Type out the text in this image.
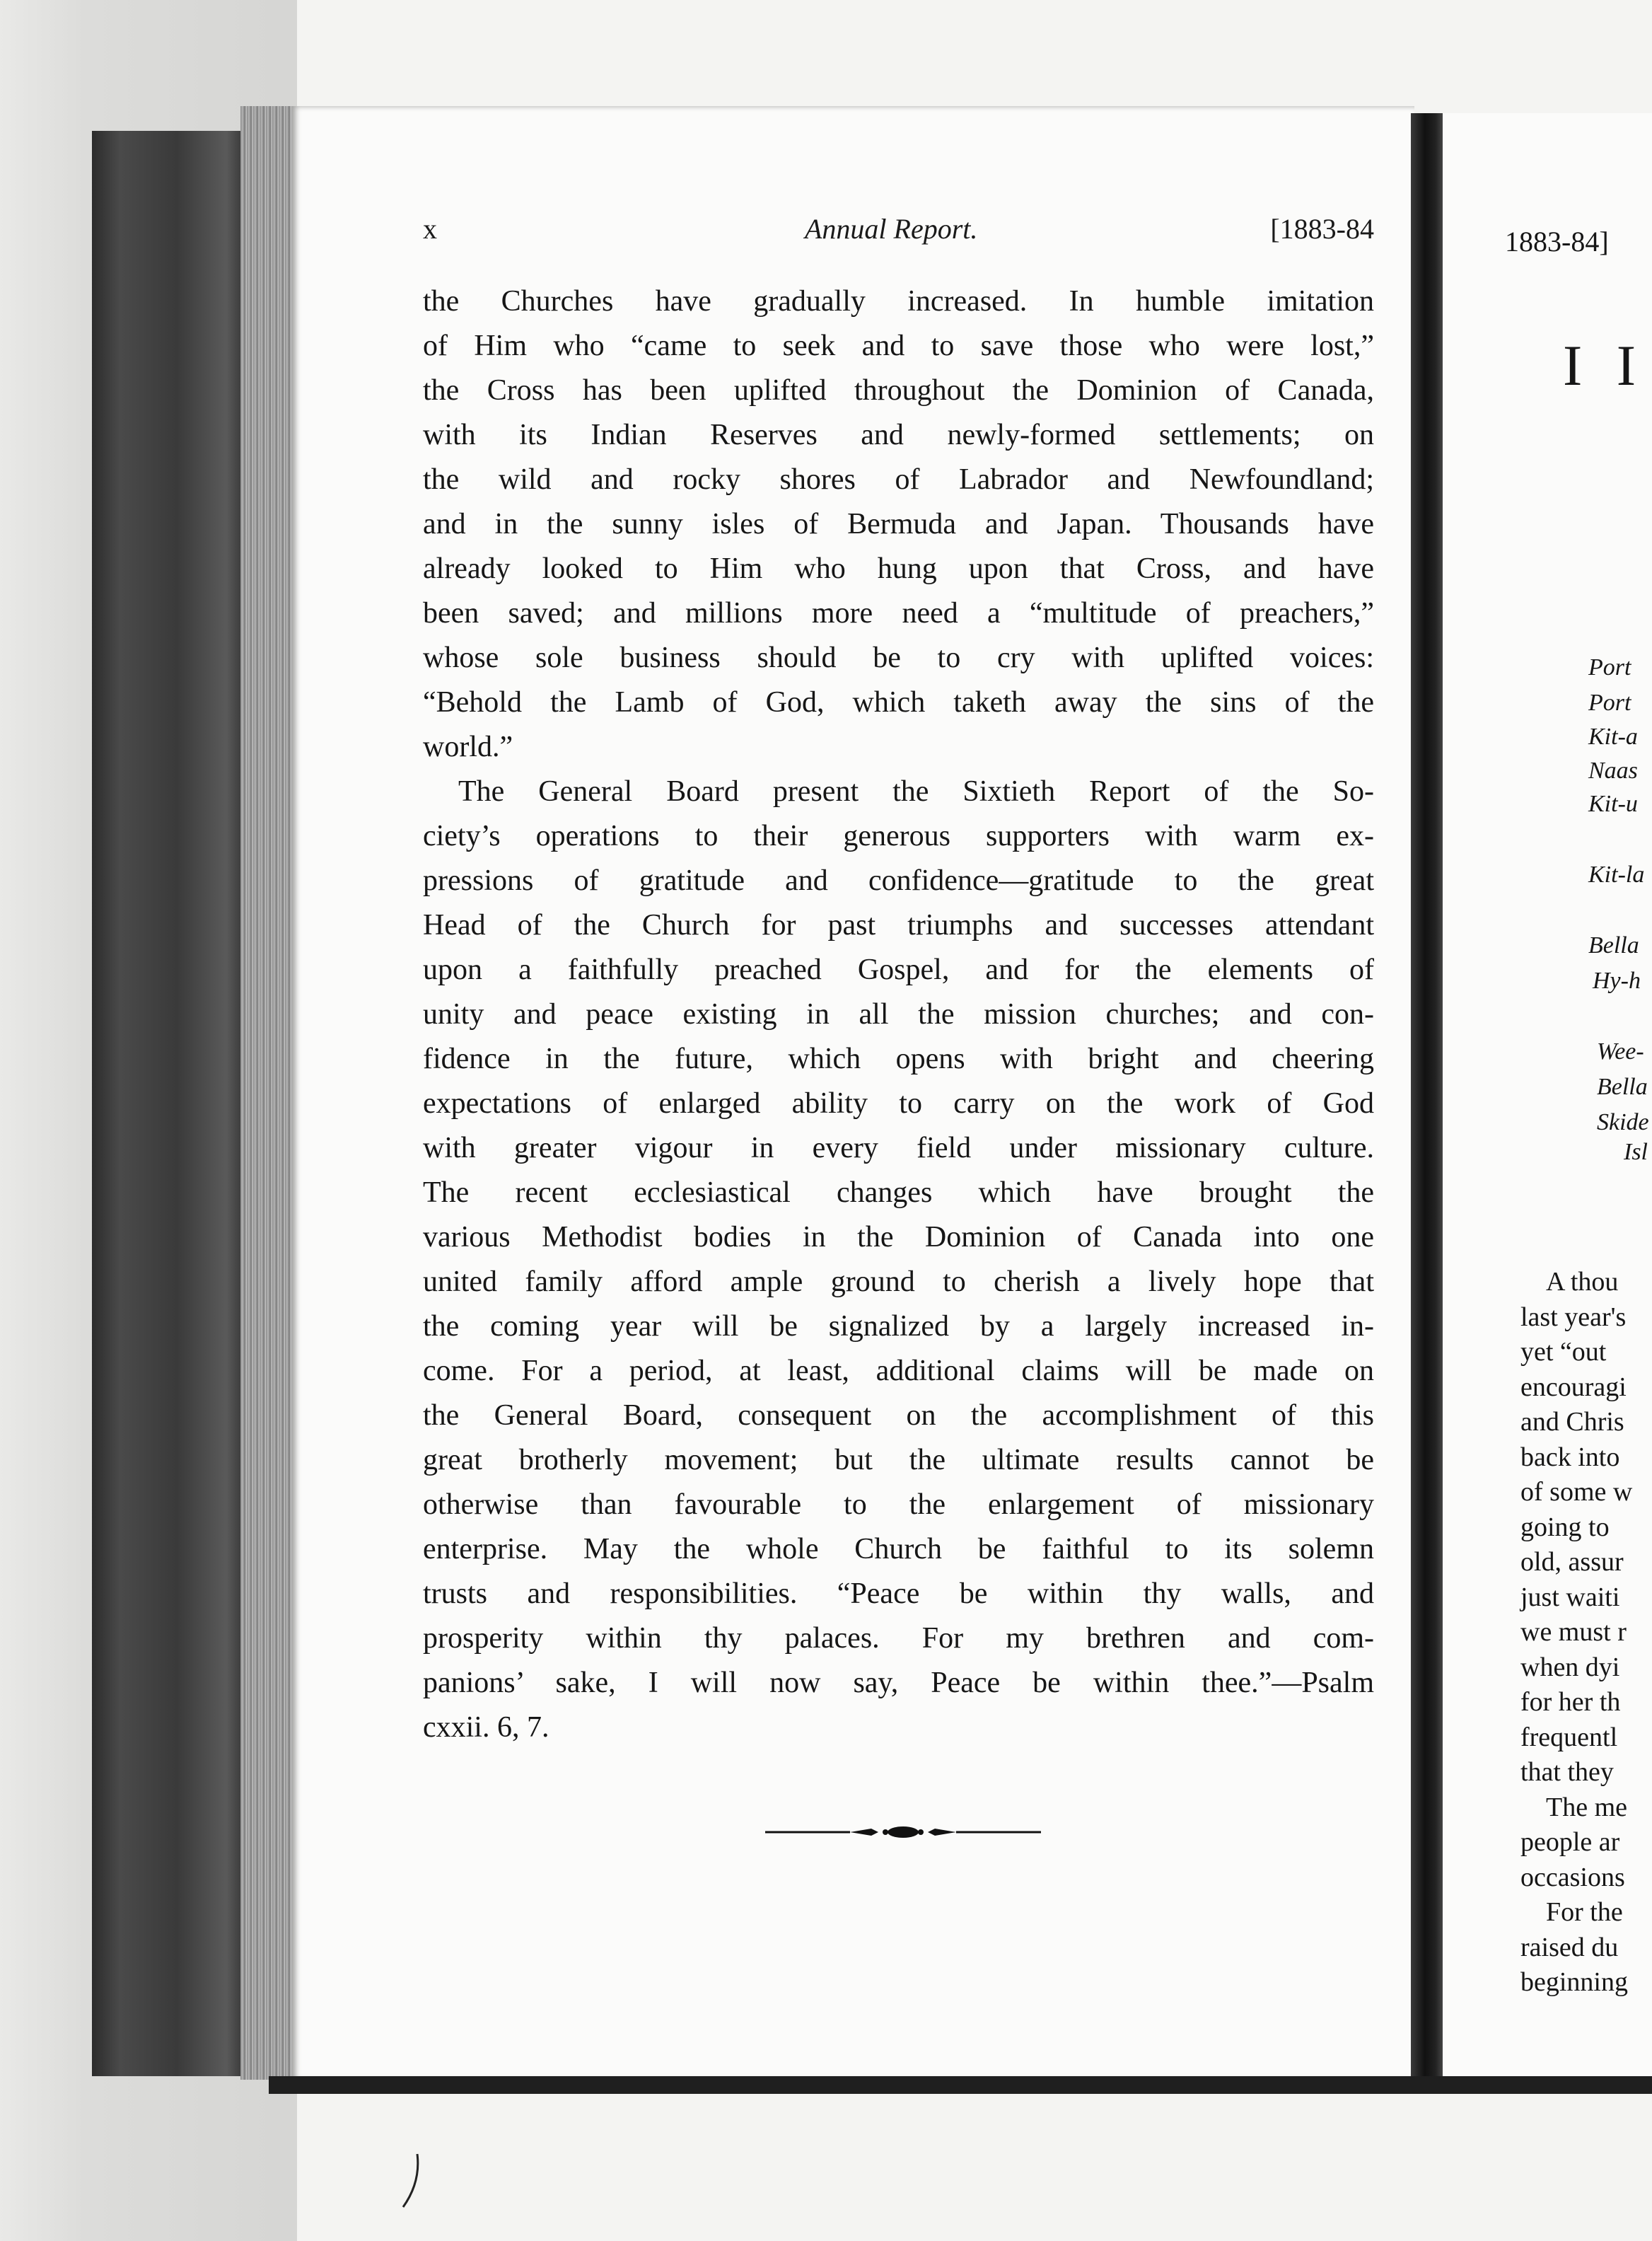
x	Annual Report.	[1883-84
the Churches have gradually increased. In humble imitation
of Him who “came to seek and to save those who were lost,”
the Cross has been uplifted throughout the Dominion of Canada,
with its Indian Reserves and newly-formed settlements; on
the wild and rocky shores of Labrador and Newfoundland;
and in the sunny isles of Bermuda and Japan. Thousands have
already looked to Him who hung upon that Cross, and have
been saved; and millions more need a “multitude of preachers,”
whose sole business should be to cry with uplifted voices:
“Behold the Lamb of God, which taketh away the sins of the
world.”
The General Board present the Sixtieth Report of the So-
ciety’s operations to their generous supporters with warm ex-
pressions of gratitude and confidence—gratitude to the great
Head of the Church for past triumphs and successes attendant
upon a faithfully preached Gospel, and for the elements of
unity and peace existing in all the mission churches; and con-
fidence in the future, which opens with bright and cheering
expectations of enlarged ability to carry on the work of God
with greater vigour in every field under missionary culture.
The recent ecclesiastical changes which have brought the
various Methodist bodies in the Dominion of Canada into one
united family afford ample ground to cherish a lively hope that
the coming year will be signalized by a largely increased in-
come. For a period, at least, additional claims will be made on
the General Board, consequent on the accomplishment of this
great brotherly movement; but the ultimate results cannot be
otherwise than favourable to the enlargement of missionary
enterprise. May the whole Church be faithful to its solemn
trusts and responsibilities. “Peace be within thy walls, and
prosperity within thy palaces. For my brethren and com-
panions’ sake, I will now say, Peace be within thee.”—Psalm
cxxii. 6, 7.
1883-84]
I I
Port
Port
Kit-a
Naas
Kit-u
Kit-la
Bella
Hy-h
Wee-
Bella
Skide
Isl
A thou
last year's
yet “out
encouragi
and Chris
back into
of some w
going to
old, assur
just waiti
we must r
when dyi
for her th
frequentl
that they
The me
people ar
occasions
For the
raised du
beginning
